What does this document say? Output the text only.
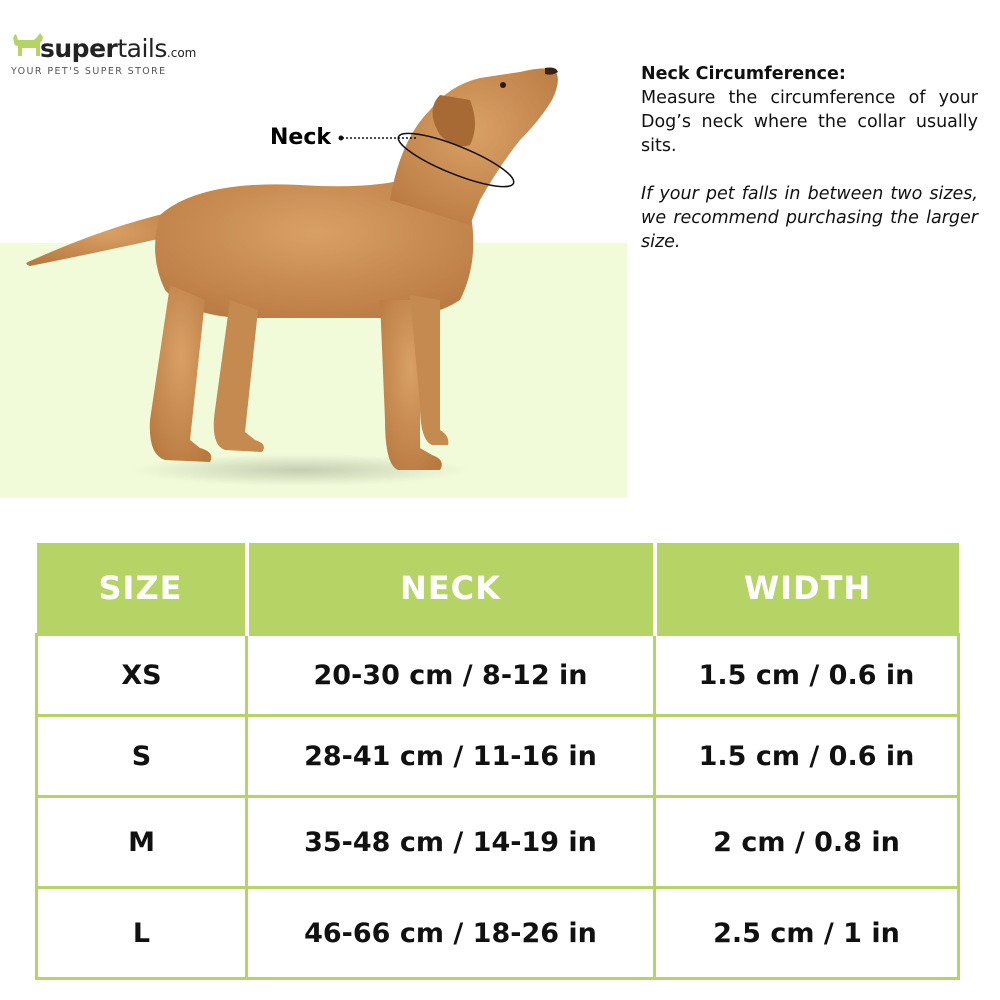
supertails.com
YOUR PET'S SUPER STORE
Neck
Neck Circumference:

Measure the circumference of your Dog’s neck where the collar usually sits.

If your pet falls in between two sizes, we recommend purchasing the larger size.

SIZE	NECK	WIDTH
XS	20-30 cm / 8-12 in	1.5 cm / 0.6 in
S	28-41 cm / 11-16 in	1.5 cm / 0.6 in
M	35-48 cm / 14-19 in	2 cm / 0.8 in
L	46-66 cm / 18-26 in	2.5 cm / 1 in
